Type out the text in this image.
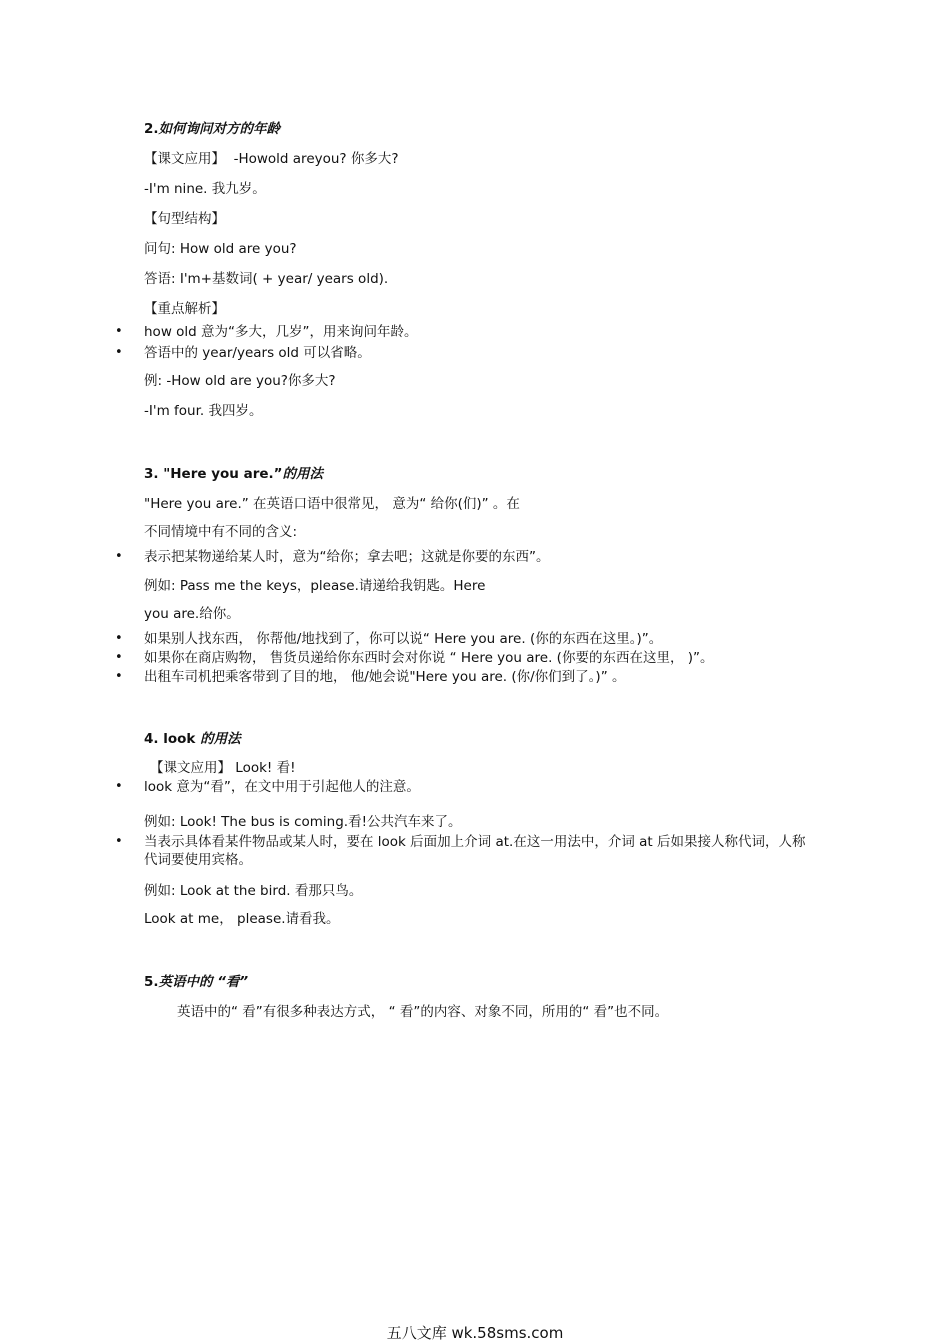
2.如何询问对方的年龄
【课文应用】 -Howold areyou? 你多大?
-I'm nine. 我九岁。
【句型结构】
问句: How old are you?
答语: I'm+基数词( + year/ years old).
【重点解析】
• how old 意为“多大，几岁”，用来询问年龄。
• 答语中的 year/years old 可以省略。
例: -How old are you?你多大?
-I'm four. 我四岁。
3. "Here you are.”的用法
"Here you are.” 在英语口语中很常见， 意为“ 给你(们)” 。在
不同情境中有不同的含义:
• 表示把某物递给某人时，意为“给你；拿去吧；这就是你要的东西”。
例如: Pass me the keys，please.请递给我钥匙。Here
you are.给你。
• 如果别人找东西， 你帮他/地找到了，你可以说“ Here you are. (你的东西在这里。)”。
• 如果你在商店购物， 售货员递给你东西时会对你说 “ Here you are. (你要的东西在这里， )”。
• 出租车司机把乘客带到了目的地， 他/她会说"Here you are. (你/你们到了。)” 。
4. look 的用法
【课文应用】 Look! 看!
• look 意为“看”，在文中用于引起他人的注意。
例如: Look! The bus is coming.看!公共汽车来了。
• 当表示具体看某件物品或某人时，要在 look 后面加上介词 at.在这一用法中，介词 at 后如果接人称代词，人称代词要使用宾格。
例如: Look at the bird. 看那只鸟。
Look at me， please.请看我。
5.英语中的 “看”
英语中的“ 看”有很多种表达方式， “ 看”的内容、对象不同，所用的“ 看”也不同。
五八文库 wk.58sms.com
